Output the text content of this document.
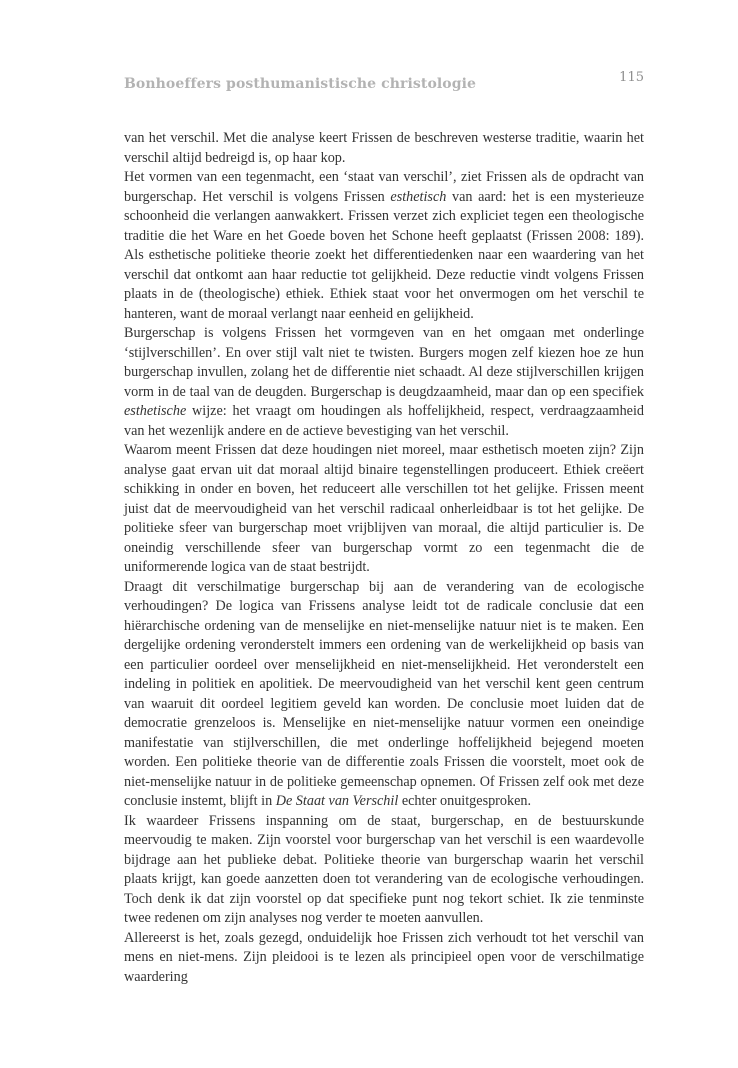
Bonhoeffers posthumanistische christologie	115

van het verschil. Met die analyse keert Frissen de beschreven westerse traditie, waarin het verschil altijd bedreigd is, op haar kop.

Het vormen van een tegenmacht, een ‘staat van verschil’, ziet Frissen als de opdracht van burgerschap. Het verschil is volgens Frissen esthetisch van aard: het is een mysterieuze schoonheid die verlangen aanwakkert. Frissen verzet zich expliciet tegen een theologische traditie die het Ware en het Goede boven het Schone heeft geplaatst (Frissen 2008: 189). Als esthetische politieke theorie zoekt het differentiedenken naar een waardering van het verschil dat ontkomt aan haar reductie tot gelijkheid. Deze reductie vindt volgens Frissen plaats in de (theologische) ethiek. Ethiek staat voor het onvermogen om het verschil te hanteren, want de moraal verlangt naar eenheid en gelijkheid.

Burgerschap is volgens Frissen het vormgeven van en het omgaan met onderlinge ‘stijlverschillen’. En over stijl valt niet te twisten. Burgers mogen zelf kiezen hoe ze hun burgerschap invullen, zolang het de differentie niet schaadt. Al deze stijlverschillen krijgen vorm in de taal van de deugden. Burgerschap is deugdzaamheid, maar dan op een specifiek esthetische wijze: het vraagt om houdingen als hoffelijkheid, respect, verdraagzaamheid van het wezenlijk andere en de actieve bevestiging van het verschil.

Waarom meent Frissen dat deze houdingen niet moreel, maar esthetisch moeten zijn? Zijn analyse gaat ervan uit dat moraal altijd binaire tegenstellingen produceert. Ethiek creëert schikking in onder en boven, het reduceert alle verschillen tot het gelijke. Frissen meent juist dat de meervoudigheid van het verschil radicaal onherleidbaar is tot het gelijke. De politieke sfeer van burgerschap moet vrijblijven van moraal, die altijd particulier is. De oneindig verschillende sfeer van burgerschap vormt zo een tegenmacht die de uniformerende logica van de staat bestrijdt.

Draagt dit verschilmatige burgerschap bij aan de verandering van de ecologische verhoudingen? De logica van Frissens analyse leidt tot de radicale conclusie dat een hiërarchische ordening van de menselijke en niet-menselijke natuur niet is te maken. Een dergelijke ordening veronderstelt immers een ordening van de werkelijkheid op basis van een particulier oordeel over menselijkheid en niet-menselijkheid. Het veronderstelt een indeling in politiek en apolitiek. De meervoudigheid van het verschil kent geen centrum van waaruit dit oordeel legitiem geveld kan worden. De conclusie moet luiden dat de democratie grenzeloos is. Menselijke en niet-menselijke natuur vormen een oneindige manifestatie van stijlverschillen, die met onderlinge hoffelijkheid bejegend moeten worden. Een politieke theorie van de differentie zoals Frissen die voorstelt, moet ook de niet-menselijke natuur in de politieke gemeenschap opnemen. Of Frissen zelf ook met deze conclusie instemt, blijft in De Staat van Verschil echter onuitgesproken.

Ik waardeer Frissens inspanning om de staat, burgerschap, en de bestuurskunde meervoudig te maken. Zijn voorstel voor burgerschap van het verschil is een waardevolle bijdrage aan het publieke debat. Politieke theorie van burgerschap waarin het verschil plaats krijgt, kan goede aanzetten doen tot verandering van de ecologische verhoudingen. Toch denk ik dat zijn voorstel op dat specifieke punt nog tekort schiet. Ik zie tenminste twee redenen om zijn analyses nog verder te moeten aanvullen.

Allereerst is het, zoals gezegd, onduidelijk hoe Frissen zich verhoudt tot het verschil van mens en niet-mens. Zijn pleidooi is te lezen als principieel open voor de verschilmatige waardering
